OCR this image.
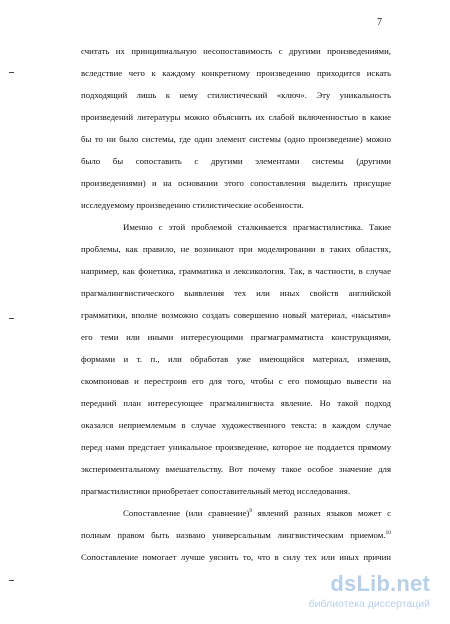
7
считать их принципиальную несопоставимость с другими произведениями,
вследствие чего к каждому конкретному произведению приходится искать
подходящий лишь к нему стилистический «ключ». Эту уникальность
произведений литературы можно объяснить их слабой включенностью в какие
бы то ни было системы, где один элемент системы (одно произведение) можно
было бы сопоставить с другими элементами системы (другими
произведениями) и на основании этого сопоставления выделить присущие
исследуемому произведению стилистические особенности.
Именно с этой проблемой сталкивается прагмастилистика. Такие
проблемы, как правило, не возникают при моделировании в таких областях,
например, как фонетика, грамматика и лексикология. Так, в частности, в случае
прагмалингвистического выявления тех или иных свойств английской
грамматики, вполне возможно создать совершенно новый материал, «насытив»
его теми или иными интересующими прагмаграмматиста конструкциями,
формами и т. п., или обработав уже имеющийся материал, изменив,
скомпоновав и перестроив его для того, чтобы с его помощью вывести на
передний план интересующее прагмалингвиста явление. Но такой подход
оказался неприемлемым в случае художественного текста: в каждом случае
перед нами предстает уникальное произведение, которое не поддается прямому
экспериментальному вмешательству. Вот почему такое особое значение для
прагмастилистики приобретает сопоставительный метод исследования.
Сопоставление (или сравнение)$^9$ явлений разных языков может с
полным правом быть названо универсальным лингвистическим приемом.$^{10}$
Сопоставление помогает лучше уяснить то, что в силу тех или иных причин
dsLib.net
библиотека диссертаций
